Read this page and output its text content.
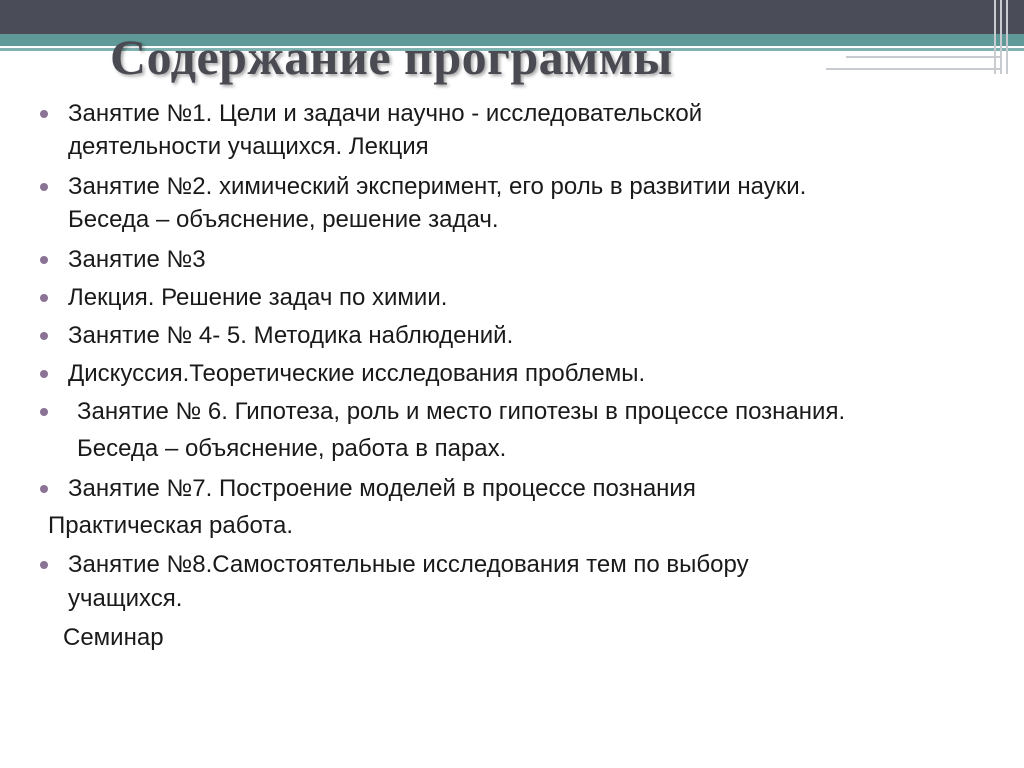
Содержание программы
Занятие №1. Цели и задачи научно - исследовательской
деятельности учащихся. Лекция
Занятие №2. химический эксперимент, его роль в развитии науки.
Беседа – объяснение, решение задач.
Занятие №3
Лекция. Решение задач по химии.
Занятие № 4- 5. Методика наблюдений.
Дискуссия.Теоретические исследования проблемы.
Занятие № 6. Гипотеза, роль и место гипотезы в процессе познания.
Беседа – объяснение, работа в парах.
Занятие №7. Построение моделей в процессе познания
Практическая работа.
Занятие №8.Самостоятельные исследования тем по выбору
учащихся.
Семинар
